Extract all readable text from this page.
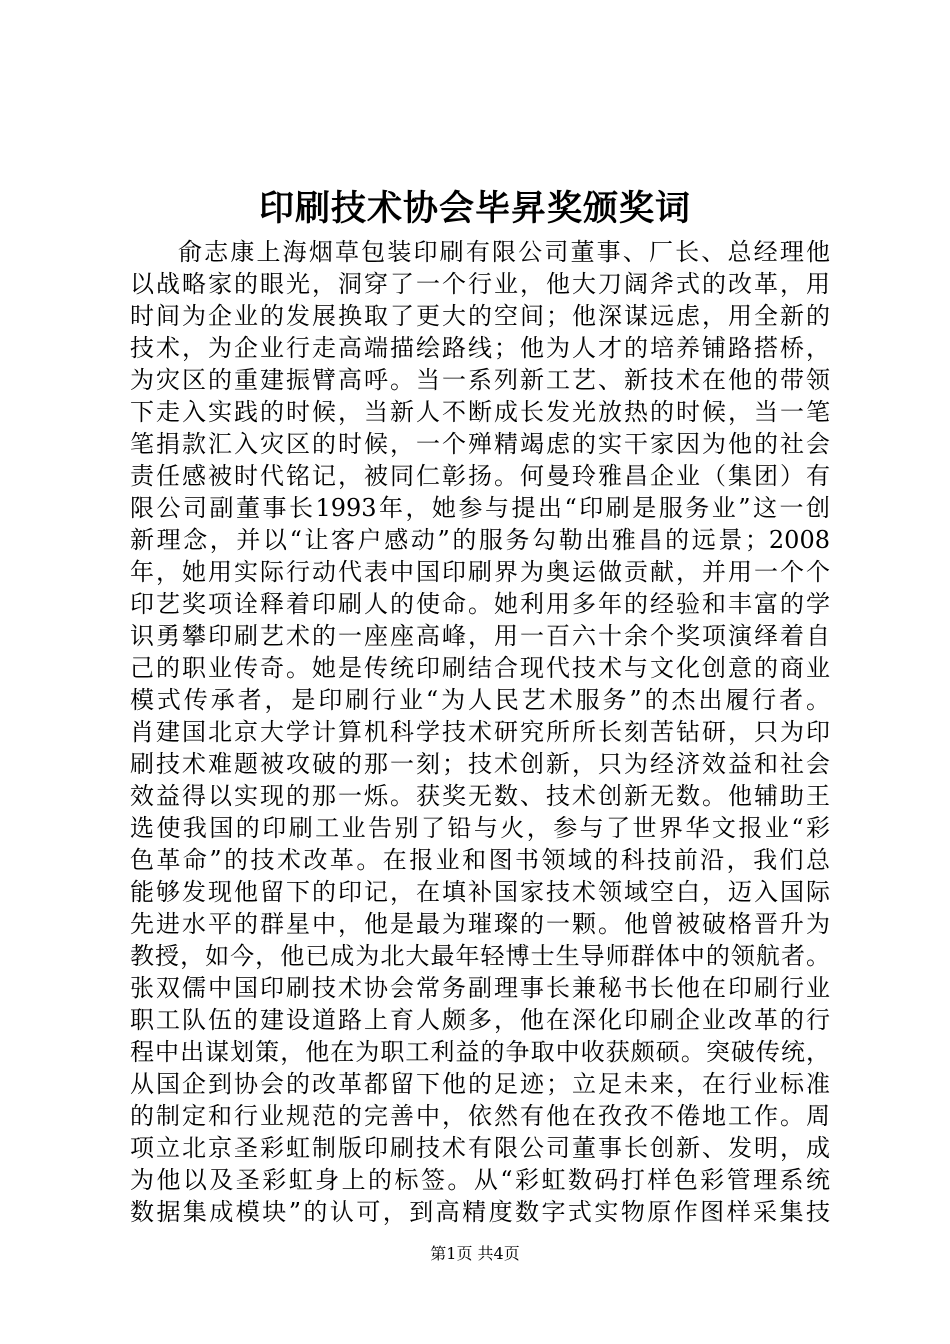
印刷技术协会毕昇奖颁奖词
俞志康上海烟草包装印刷有限公司董事、厂长、总经理他
以战略家的眼光，洞穿了一个行业，他大刀阔斧式的改革，用
时间为企业的发展换取了更大的空间；他深谋远虑，用全新的
技术，为企业行走高端描绘路线；他为人才的培养铺路搭桥，
为灾区的重建振臂高呼。当一系列新工艺、新技术在他的带领
下走入实践的时候，当新人不断成长发光放热的时候，当一笔
笔捐款汇入灾区的时候，一个殚精竭虑的实干家因为他的社会
责任感被时代铭记，被同仁彰扬。何曼玲雅昌企业（集团）有
限公司副董事长1993年，她参与提出“印刷是服务业”这一创
新理念，并以“让客户感动”的服务勾勒出雅昌的远景；2008
年，她用实际行动代表中国印刷界为奥运做贡献，并用一个个
印艺奖项诠释着印刷人的使命。她利用多年的经验和丰富的学
识勇攀印刷艺术的一座座高峰，用一百六十余个奖项演绎着自
己的职业传奇。她是传统印刷结合现代技术与文化创意的商业
模式传承者，是印刷行业“为人民艺术服务”的杰出履行者。
肖建国北京大学计算机科学技术研究所所长刻苦钻研，只为印
刷技术难题被攻破的那一刻；技术创新，只为经济效益和社会
效益得以实现的那一烁。获奖无数、技术创新无数。他辅助王
选使我国的印刷工业告别了铅与火，参与了世界华文报业“彩
色革命”的技术改革。在报业和图书领域的科技前沿，我们总
能够发现他留下的印记，在填补国家技术领域空白，迈入国际
先进水平的群星中，他是最为璀璨的一颗。他曾被破格晋升为
教授，如今，他已成为北大最年轻博士生导师群体中的领航者。
张双儒中国印刷技术协会常务副理事长兼秘书长他在印刷行业
职工队伍的建设道路上育人颇多，他在深化印刷企业改革的行
程中出谋划策，他在为职工利益的争取中收获颇硕。突破传统，
从国企到协会的改革都留下他的足迹；立足未来，在行业标准
的制定和行业规范的完善中，依然有他在孜孜不倦地工作。周
项立北京圣彩虹制版印刷技术有限公司董事长创新、发明，成
为他以及圣彩虹身上的标签。从“彩虹数码打样色彩管理系统
数据集成模块”的认可，到高精度数字式实物原作图样采集技
第1页 共4页
